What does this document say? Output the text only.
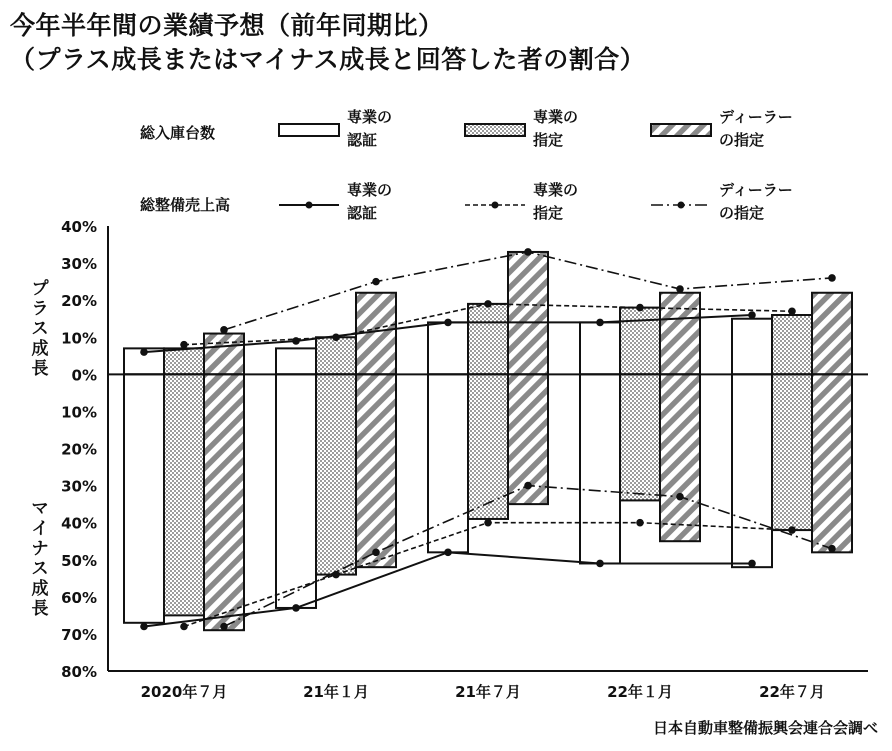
今年半年間の業績予想（前年同期比）
（プラス成長またはマイナス成長と回答した者の割合）
総入庫台数
総整備売上高
専業の
認証
専業の
指定
ディーラー
の指定
専業の
認証
専業の
指定
ディーラー
の指定
40%
30%
20%
10%
0%
10%
20%
30%
40%
50%
60%
70%
80%
プ
ラ
ス
成
長
マ
イ
ナ
ス
成
長
2020年７月	21年１月	21年７月	22年１月	22年７月
日本自動車整備振興会連合会調べ
